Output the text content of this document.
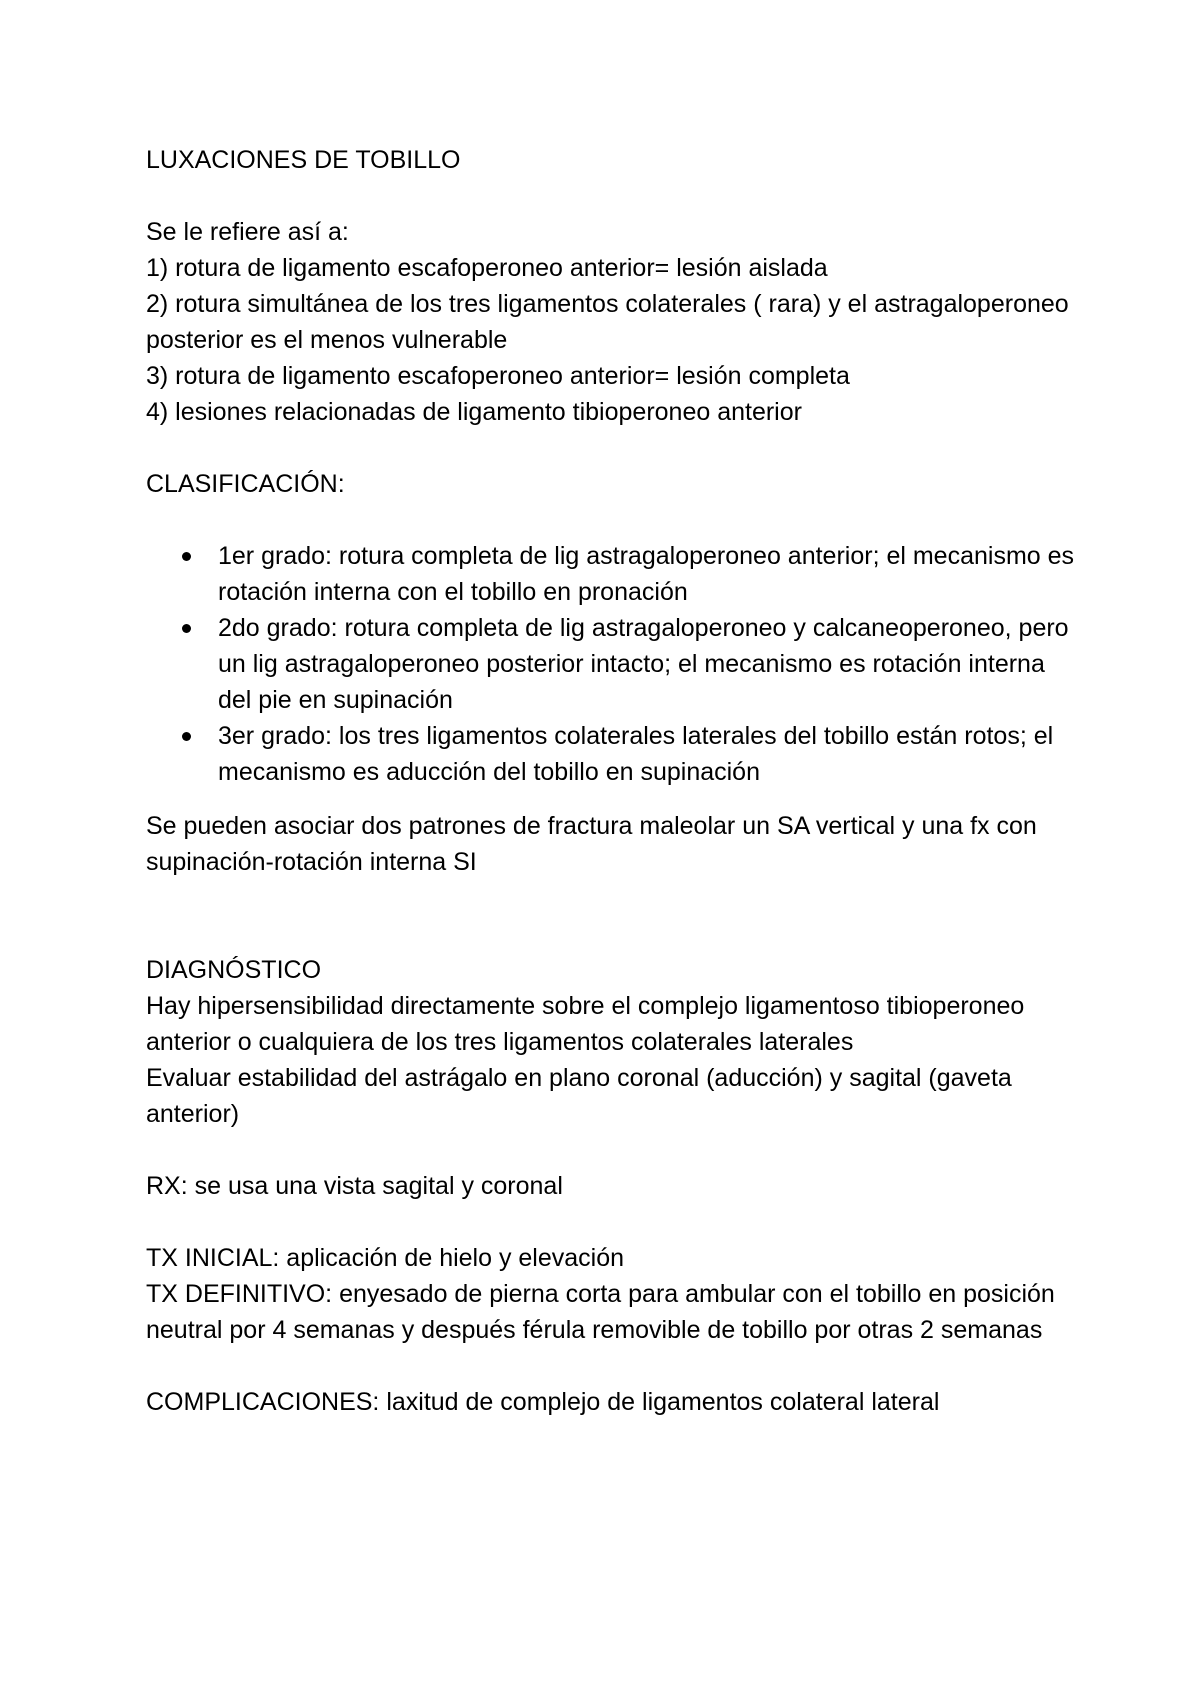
LUXACIONES DE TOBILLO

Se le refiere así a:

1) rotura de ligamento escafoperoneo anterior= lesión aislada

2) rotura simultánea de los tres ligamentos colaterales ( rara) y el astragaloperoneo posterior es el menos vulnerable

3) rotura de ligamento escafoperoneo anterior= lesión completa

4) lesiones relacionadas de ligamento tibioperoneo anterior

CLASIFICACIÓN:

1er grado: rotura completa de lig astragaloperoneo anterior; el mecanismo es rotación interna con el tobillo en pronación
2do grado: rotura completa de lig astragaloperoneo y calcaneoperoneo, pero un lig astragaloperoneo posterior intacto; el mecanismo es rotación interna del pie en supinación
3er grado: los tres ligamentos colaterales laterales del tobillo están rotos; el mecanismo es aducción del tobillo en supinación

Se pueden asociar dos patrones de fractura maleolar un SA vertical y una fx con supinación-rotación interna SI

DIAGNÓSTICO

Hay hipersensibilidad directamente sobre el complejo ligamentoso tibioperoneo anterior o cualquiera de los tres ligamentos colaterales laterales

Evaluar estabilidad del astrágalo en plano coronal (aducción) y sagital (gaveta anterior)

RX: se usa una vista sagital y coronal

TX INICIAL: aplicación de hielo y elevación

TX DEFINITIVO: enyesado de pierna corta para ambular con el tobillo en posición neutral por 4 semanas y después férula removible de tobillo por otras 2 semanas

COMPLICACIONES: laxitud de complejo de ligamentos colateral lateral
